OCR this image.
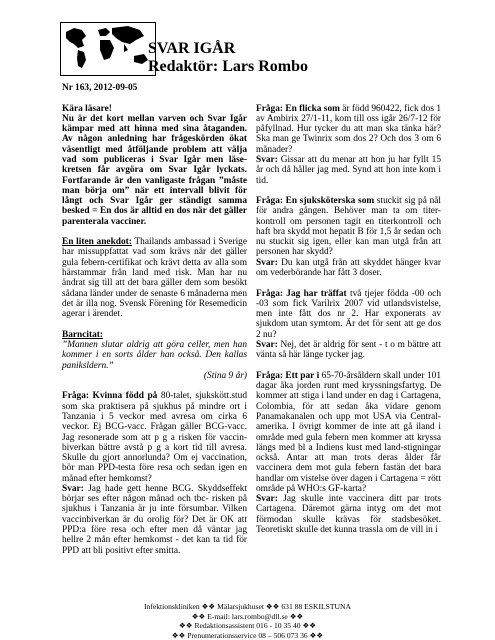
SVAR IGÅR
Redaktör: Lars Rombo

Nr 163, 2012-09-05

Kära läsare!

Nu är det kort mellan varven och Svar Igår kämpar med att hinna med sina åtaganden. Av någon anledning har frågeskörden ökat väsentligt med åtföljande problem att välja vad som publiceras i Svar Igår men läse-kretsen får avgöra om Svar Igår lyckats. Fortfarande är den vanligaste frågan ”måste man börja om” när ett intervall blivit för långt och Svar Igår ger ständigt samma besked = En dos är alltid en dos när det gäller parenterala vacciner.

En liten anekdot: Thailands ambassad i Sverige har missuppfattat vad som krävs när det gäller gula febern-certifikat och krävt detta av alla som härstammar från land med risk. Man har nu ändrat sig till att det bara gäller dem som besökt sådana länder under de senaste 6 månaderna men det är illa nog. Svensk Förening för Resemedicin agerar i ärendet.

Barncitat:

”Mannen slutar aldrig att göra celler, men han kommer i en sorts ålder han också. Den kallas paniksldern.”

(Stina 9 år)

Fråga: Kvinna född på 80-talet, sjukskött.stud som ska praktisera på sjukhus på mindre ort i Tanzania i 5 veckor med avresa om cirka 6 veckor. Ej BCG-vacc. Frågan gäller BCG-vacc. Jag resonerade som att p g a risken för vaccin-biverkan bättre avstå p g a kort tid till avresa. Skulle du gjort annorlunda? Om ej vaccination, bör man PPD-testa före resa och sedan igen en månad efter hemkomst?

Svar: Jag hade gett henne BCG. Skyddseffekt börjar ses efter någon månad och tbc- risken på sjukhus i Tanzania är ju inte försumbar. Vilken vaccinbiverkan är du orolig för? Det är OK att PPD:a före resa och efter men då väntar jag hellre 2 mån efter hemkomst - det kan ta tid för PPD att bli positivt efter smitta.

Fråga: En flicka som är född 960422, fick dos 1 av Ambirix 27/1-11, kom till oss igår 26/7-12 för påfyllnad. Hur tycker du att man ska tänka här? Ska man ge Twinrix som dos 2? Och dos 3 om 6 månader?

Svar: Gissar att du menar att hon ju har fyllt 15 år och då håller jag med. Synd att hon inte kom i tid.

Fråga: En sjuksköterska som stuckit sig på nål för andra gången. Behöver man ta om titer-kontroll om personen tagit en titerkontroll och haft bra skydd mot hepatit B för 1,5 år sedan och nu stuckit sig igen, eller kan man utgå från att personen har skydd?

Svar: Du kan utgå från att skyddet hänger kvar om vederbörande har fått 3 doser.

Fråga: Jag har träffat två tjejer födda -00 och -03 som fick Varilrix 2007 vid utlandsvistelse, men inte fått dos nr 2. Har exponerats av sjukdom utan symtom. Är det för sent att ge dos 2 nu?

Svar: Nej, det är aldrig för sent - t o m bättre att vänta så här länge tycker jag.

Fråga: Ett par i 65-70-årsåldern skall under 101 dagar åka jorden runt med kryssningsfartyg. De kommer att stiga i land under en dag i Cartagena, Colombia, för att sedan åka vidare genom Panamakanalen och upp mot USA via Central-amerika. I övrigt kommer de inte att gå iland i område med gula febern men kommer att kryssa längs med bl a Indiens kust med land-stigningar också. Antar att man trots deras ålder får vaccinera dem mot gula febern fastän det bara handlar om vistelse över dagen i Cartagena = rött område på WHO:s GF-karta?

Svar: Jag skulle inte vaccinera ditt par trots Cartagena. Däremot gärna intyg om det mot förmodan skulle krävas för stadsbesöket. Teoretiskt skulle det kunna trassla om de vill in i

Infektionskliniken ❖❖ Mälarsjukhuset ❖❖ 631 88 ESKILSTUNA
❖❖ E-mail: lars.rombo@dll.se ❖❖
❖❖ Redaktionsassistent 016 - 10 35 40 ❖❖
❖❖ Prenumerationsservice 08 – 506 073 36 ❖❖
